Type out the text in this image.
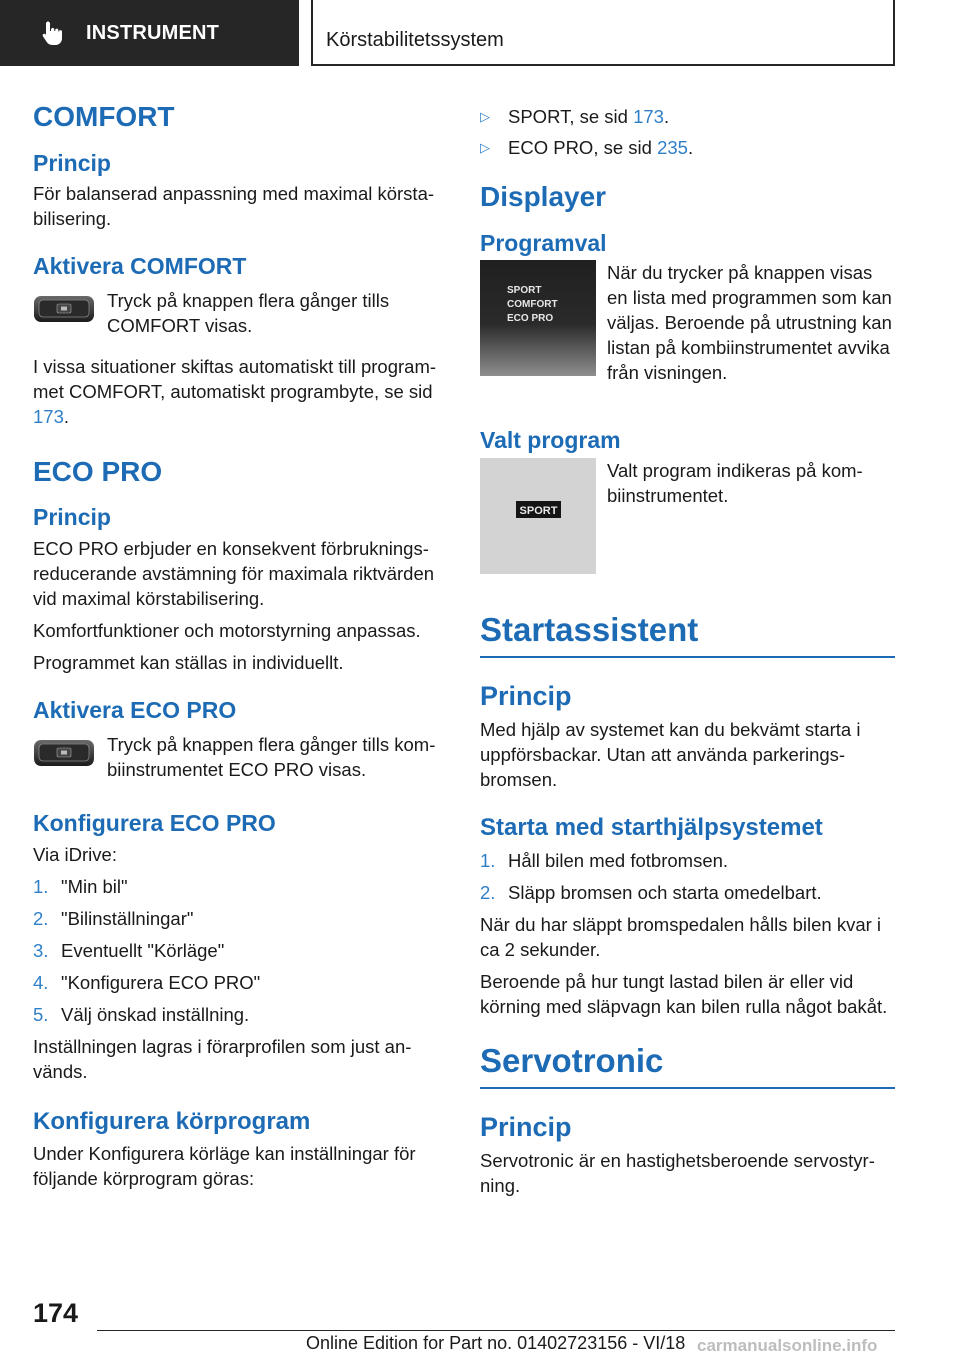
INSTRUMENT	Körstabilitetssystem
COMFORT
Princip

För balanserad anpassning med maximal körstabilisering.

Aktivera COMFORT

Tryck på knappen flera gånger tills COMFORT visas.

I vissa situationer skiftas automatiskt till programmet COMFORT, automatiskt programbyte, se sid 173.

ECO PRO
Princip

ECO PRO erbjuder en konsekvent förbrukningsreducerande avstämning för maximala riktvärden vid maximal körstabilisering.

Komfortfunktioner och motorstyrning anpassas.

Programmet kan ställas in individuellt.

Aktivera ECO PRO

Tryck på knappen flera gånger tills kombiinstrumentet ECO PRO visas.

Konfigurera ECO PRO

Via iDrive:

1. "Min bil"
2. "Bilinställningar"
3. Eventuellt "Körläge"
4. "Konfigurera ECO PRO"
5. Välj önskad inställning.

Inställningen lagras i förarprofilen som just används.

Konfigurera körprogram

Under Konfigurera körläge kan inställningar för följande körprogram göras:

▷ SPORT, se sid 173.
▷ ECO PRO, se sid 235.
Displayer
Programval
SPORT
COMFORT
ECO PRO

När du trycker på knappen visas en lista med programmen som kan väljas. Beroende på utrustning kan listan på kombiinstrumentet avvika från visningen.

Valt program
SPORT

Valt program indikeras på kombiinstrumentet.

Startassistent
Princip

Med hjälp av systemet kan du bekvämt starta i uppförsbackar. Utan att använda parkeringsbromsen.

Starta med starthjälpsystemet
1. Håll bilen med fotbromsen.
2. Släpp bromsen och starta omedelbart.

När du har släppt bromspedalen hålls bilen kvar i ca 2 sekunder.

Beroende på hur tungt lastad bilen är eller vid körning med släpvagn kan bilen rulla något bakåt.

Servotronic
Princip

Servotronic är en hastighetsberoende servostyrning.

174
Online Edition for Part no. 01402723156 - VI/18 carmanualsonline.info
